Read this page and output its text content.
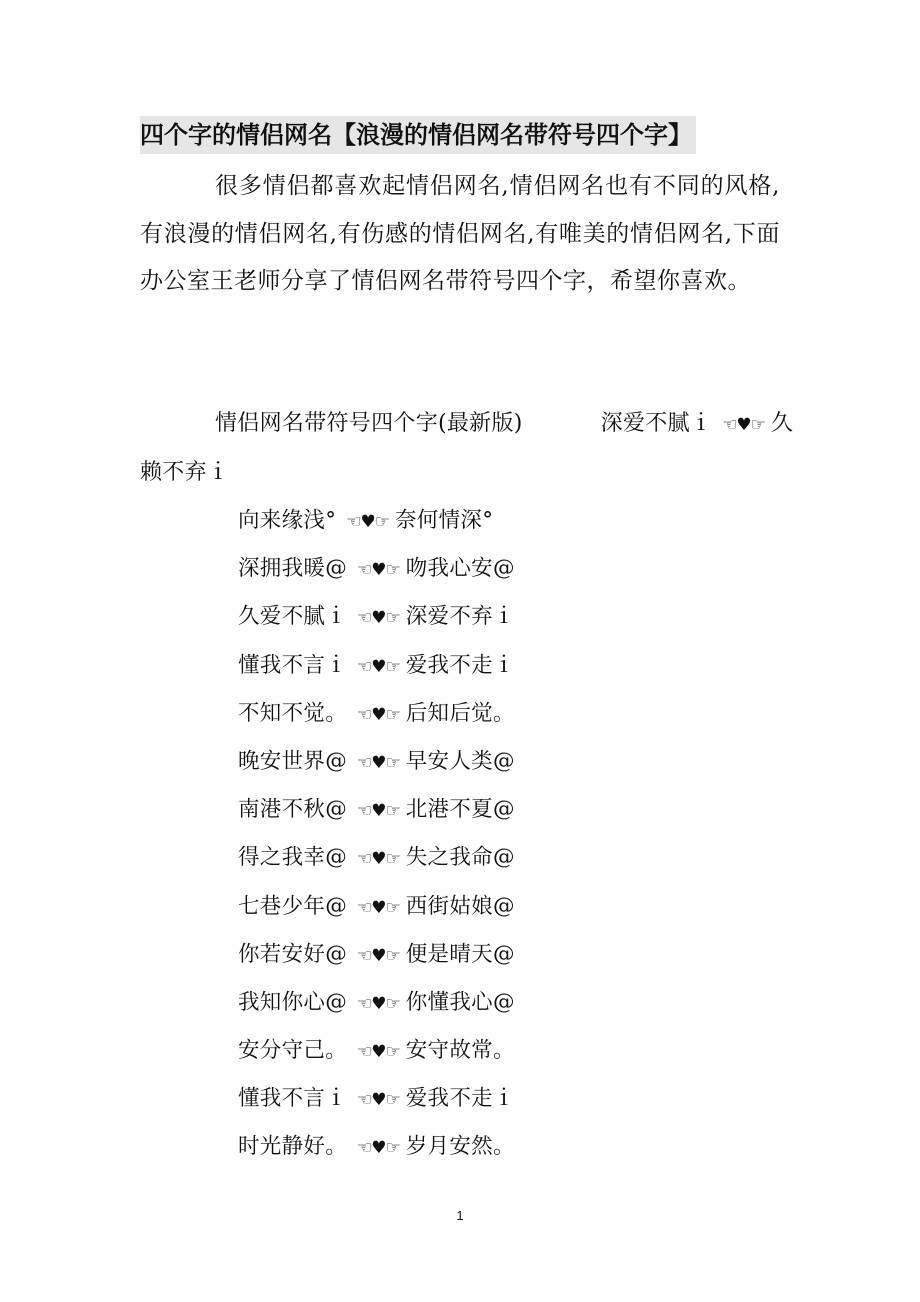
四个字的情侣网名【浪漫的情侣网名带符号四个字】

很多情侣都喜欢起情侣网名,情侣网名也有不同的风格,有浪漫的情侣网名,有伤感的情侣网名,有唯美的情侣网名,下面办公室王老师分享了情侣网名带符号四个字，希望你喜欢。

情侣网名带符号四个字(最新版)	深爱不腻ｉ ☜♥☞ 久赖不弃ｉ

向来缘浅° ☜♥☞ 奈何情深°
深拥我暖@ ☜♥☞ 吻我心安@
久爱不腻ｉ ☜♥☞ 深爱不弃ｉ
懂我不言ｉ ☜♥☞ 爱我不走ｉ
不知不觉。 ☜♥☞ 后知后觉。
晚安世界@ ☜♥☞ 早安人类@
南港不秋@ ☜♥☞ 北港不夏@
得之我幸@ ☜♥☞ 失之我命@
七巷少年@ ☜♥☞ 西街姑娘@
你若安好@ ☜♥☞ 便是晴天@
我知你心@ ☜♥☞ 你懂我心@
安分守己。 ☜♥☞ 安守故常。
懂我不言ｉ ☜♥☞ 爱我不走ｉ
时光静好。 ☜♥☞ 岁月安然。
1
